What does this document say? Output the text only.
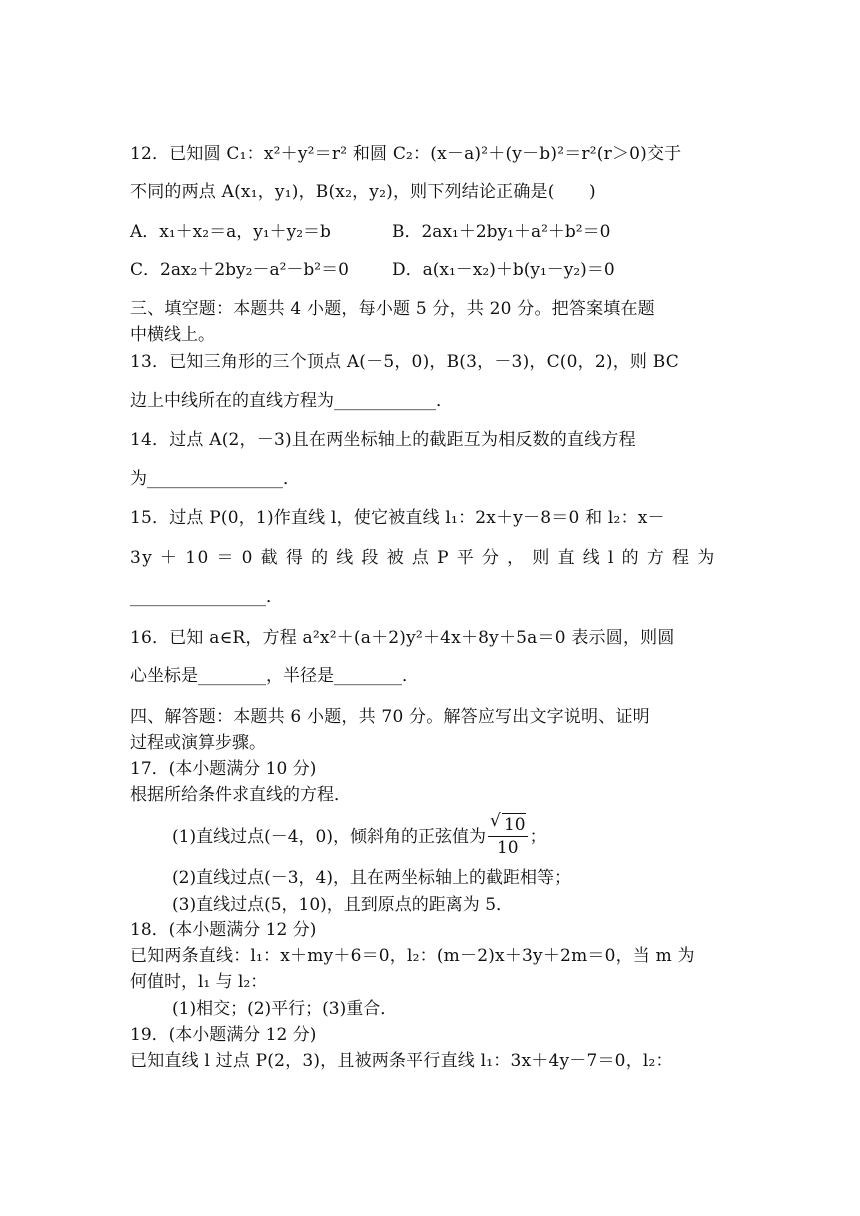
12．已知圆 C₁：x²＋y²＝r² 和圆 C₂：(x－a)²＋(y－b)²＝r²(r＞0)交于
不同的两点 A(x₁，y₁)，B(x₂，y₂)，则下列结论正确是(　　)
A．x₁＋x₂＝a，y₁＋y₂＝b	B．2ax₁＋2by₁＋a²＋b²＝0
C．2ax₂＋2by₂－a²－b²＝0	D．a(x₁－x₂)＋b(y₁－y₂)＝0
三、填空题：本题共 4 小题，每小题 5 分，共 20 分。把答案填在题
中横线上。
13．已知三角形的三个顶点 A(－5，0)，B(3，－3)，C(0，2)，则 BC
边上中线所在的直线方程为____________．
14．过点 A(2，－3)且在两坐标轴上的截距互为相反数的直线方程
为________________．
15．过点 P(0，1)作直线 l，使它被直线 l₁：2x＋y－8＝0 和 l₂：x－
3y ＋ 10 ＝ 0 截 得 的 线 段 被 点 P 平 分 ， 则 直 线 l 的 方 程 为
________________．
16．已知 a∈R，方程 a²x²＋(a＋2)y²＋4x＋8y＋5a＝0 表示圆，则圆
心坐标是________，半径是________．
四、解答题：本题共 6 小题，共 70 分。解答应写出文字说明、证明
过程或演算步骤。
17．(本小题满分 10 分)
根据所给条件求直线的方程．
(1)直线过点(－4，0)，倾斜角的正弦值为
√ $\frac{10}{10}$ ；
(2)直线过点(－3，4)，且在两坐标轴上的截距相等；
(3)直线过点(5，10)，且到原点的距离为 5．
18．(本小题满分 12 分)
已知两条直线：l₁：x＋my＋6＝0，l₂：(m－2)x＋3y＋2m＝0，当 m 为
何值时，l₁ 与 l₂：
(1)相交；(2)平行；(3)重合．
19．(本小题满分 12 分)
已知直线 l 过点 P(2，3)，且被两条平行直线 l₁：3x＋4y－7＝0，l₂：
